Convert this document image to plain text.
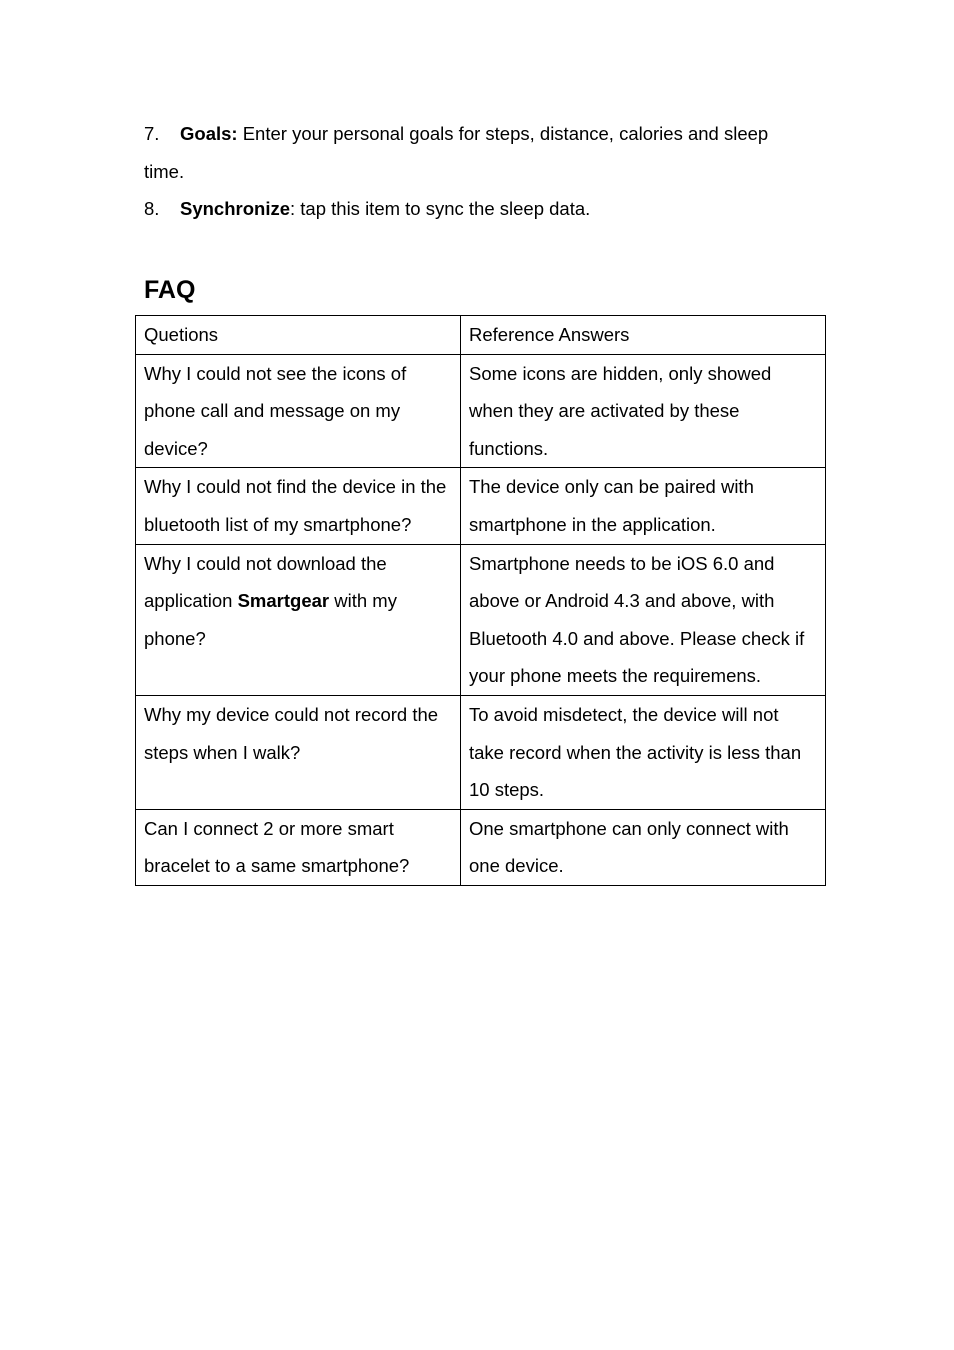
7.	Goals: Enter your personal goals for steps, distance, calories and sleep
time.
8.	Synchronize: tap this item to sync the sleep data.
FAQ
Quetions	Reference Answers
Why I could not see the icons of phone call and message on my device?	Some icons are hidden, only showed when they are activated by these functions.
Why I could not find the device in the bluetooth list of my smartphone?	The device only can be paired with smartphone in the application.
Why I could not download the application Smartgear with my phone?	Smartphone needs to be iOS 6.0 and above or Android 4.3 and above, with Bluetooth 4.0 and above. Please check if your phone meets the requiremens.
Why my device could not record the steps when I walk?	To avoid misdetect, the device will not take record when the activity is less than 10 steps.
Can I connect 2 or more smart bracelet to a same smartphone?	One smartphone can only connect with one device.
